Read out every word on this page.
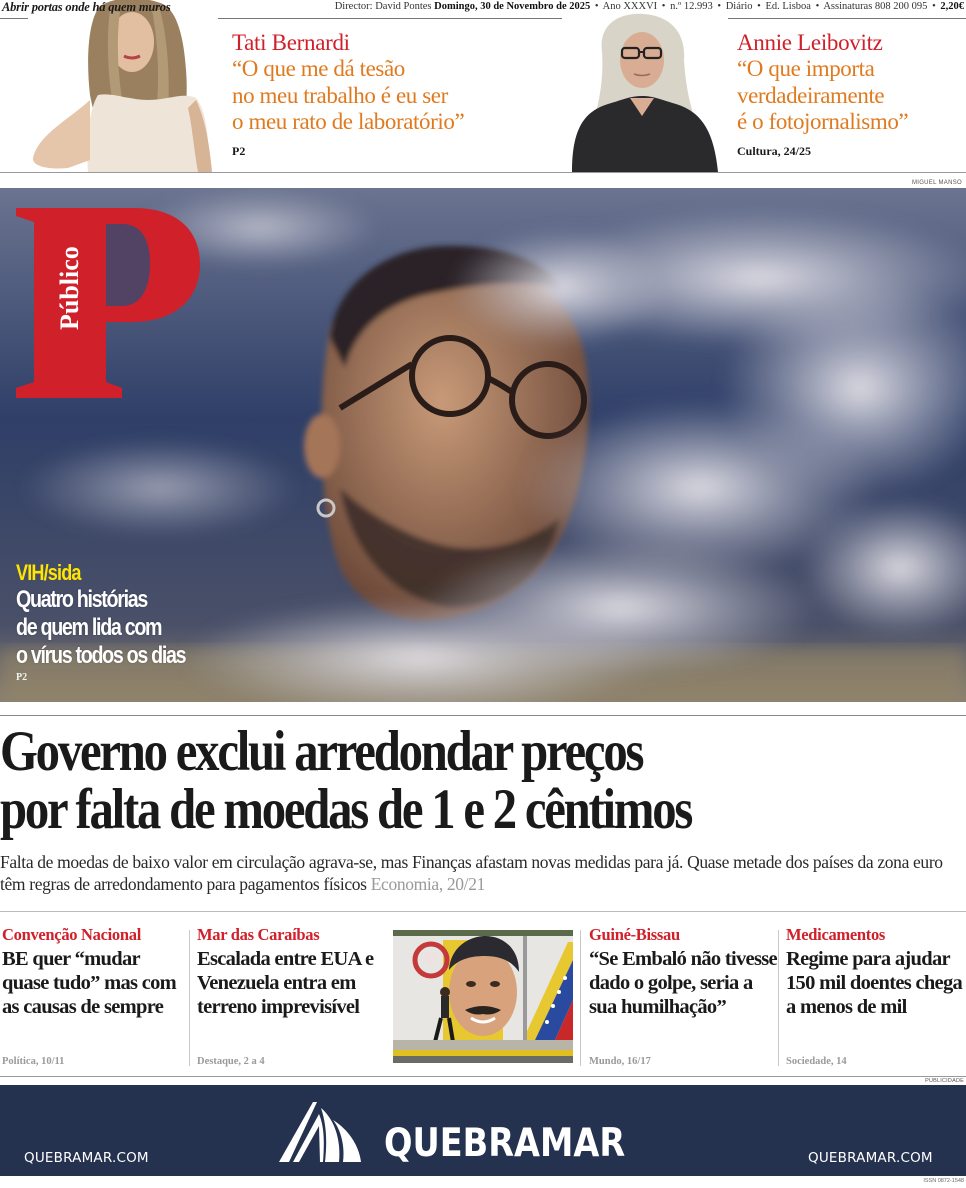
Abrir portas onde há quem muros	Director: David Pontes Domingo, 30 de Novembro de 2025 • Ano XXXVI • n.º 12.993 • Diário • Ed. Lisboa • Assinaturas 808 200 095 • 2,20€
Tati Bernardi
“O que me dá tesão
no meu trabalho é eu ser
o meu rato de laboratório”
P2
Annie Leibovitz
“O que importa
verdadeiramente
é o fotojornalismo”
Cultura, 24/25
MIGUEL MANSO
Público
VIH/sida
Quatro histórias
de quem lida com
o vírus todos os dias
P2
Governo exclui arredondar preços
por falta de moedas de 1 e 2 cêntimos
Falta de moedas de baixo valor em circulação agrava-se, mas Finanças afastam novas medidas para já. Quase metade dos países da zona euro têm regras de arredondamento para pagamentos físicos Economia, 20/21
Convenção Nacional
BE quer “mudar quase tudo” mas com as causas de sempre
Política, 10/11
Mar das Caraíbas
Escalada entre EUA e Venezuela entra em terreno imprevisível
Destaque, 2 a 4
Guiné-Bissau
“Se Embaló não tivesse dado o golpe, seria a sua humilhação”
Mundo, 16/17
Medicamentos
Regime para ajudar 150 mil doentes chega a menos de mil
Sociedade, 14
PUBLICIDADE
QUEBRAMAR.COM	QUEBRAMAR	QUEBRAMAR.COM
ISSN 0872-1548
